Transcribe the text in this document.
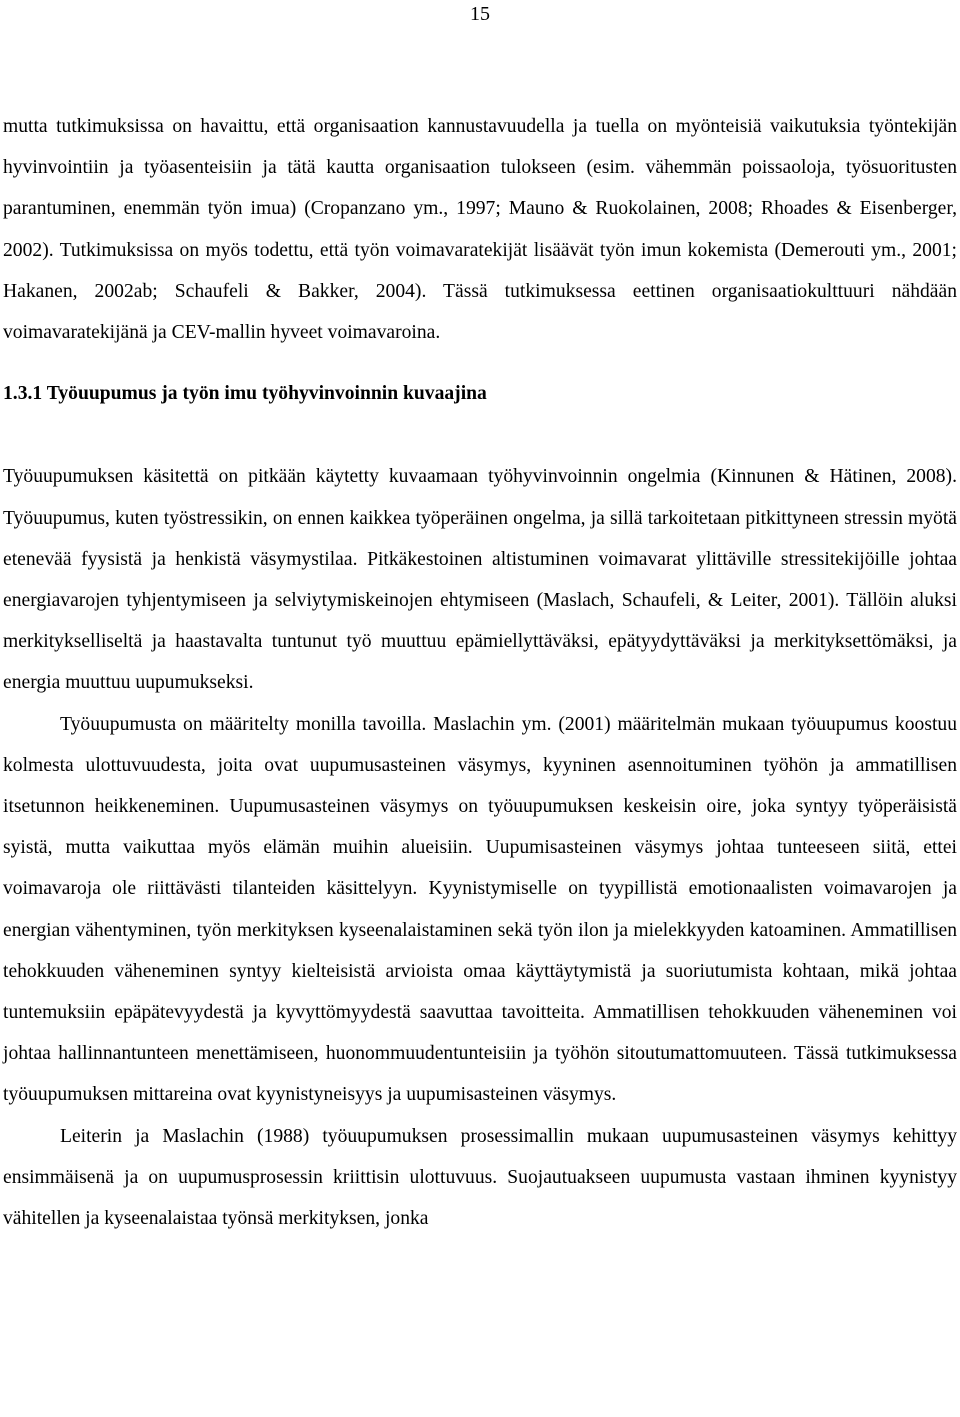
15

mutta tutkimuksissa on havaittu, että organisaation kannustavuudella ja tuella on myönteisiä vaikutuksia työntekijän hyvinvointiin ja työasenteisiin ja tätä kautta organisaation tulokseen (esim. vähemmän poissaoloja, työsuoritusten parantuminen, enemmän työn imua) (Cropanzano ym., 1997; Mauno & Ruokolainen, 2008; Rhoades & Eisenberger, 2002). Tutkimuksissa on myös todettu, että työn voimavaratekijät lisäävät työn imun kokemista (Demerouti ym., 2001; Hakanen, 2002ab; Schaufeli & Bakker, 2004). Tässä tutkimuksessa eettinen organisaatiokulttuuri nähdään voimavaratekijänä ja CEV-mallin hyveet voimavaroina.

1.3.1 Työuupumus ja työn imu työhyvinvoinnin kuvaajina

Työuupumuksen käsitettä on pitkään käytetty kuvaamaan työhyvinvoinnin ongelmia (Kinnunen & Hätinen, 2008). Työuupumus, kuten työstressikin, on ennen kaikkea työperäinen ongelma, ja sillä tarkoitetaan pitkittyneen stressin myötä etenevää fyysistä ja henkistä väsymystilaa. Pitkäkestoinen altistuminen voimavarat ylittäville stressitekijöille johtaa energiavarojen tyhjentymiseen ja selviytymiskeinojen ehtymiseen (Maslach, Schaufeli, & Leiter, 2001). Tällöin aluksi merkitykselliseltä ja haastavalta tuntunut työ muuttuu epämiellyttäväksi, epätyydyttäväksi ja merkityksettömäksi, ja energia muuttuu uupumukseksi.

Työuupumusta on määritelty monilla tavoilla. Maslachin ym. (2001) määritelmän mukaan työuupumus koostuu kolmesta ulottuvuudesta, joita ovat uupumusasteinen väsymys, kyyninen asennoituminen työhön ja ammatillisen itsetunnon heikkeneminen. Uupumusasteinen väsymys on työuupumuksen keskeisin oire, joka syntyy työperäisistä syistä, mutta vaikuttaa myös elämän muihin alueisiin. Uupumisasteinen väsymys johtaa tunteeseen siitä, ettei voimavaroja ole riittävästi tilanteiden käsittelyyn. Kyynistymiselle on tyypillistä emotionaalisten voimavarojen ja energian vähentyminen, työn merkityksen kyseenalaistaminen sekä työn ilon ja mielekkyyden katoaminen. Ammatillisen tehokkuuden väheneminen syntyy kielteisistä arvioista omaa käyttäytymistä ja suoriutumista kohtaan, mikä johtaa tuntemuksiin epäpätevyydestä ja kyvyttömyydestä saavuttaa tavoitteita. Ammatillisen tehokkuuden väheneminen voi johtaa hallinnantunteen menettämiseen, huonommuudentunteisiin ja työhön sitoutumattomuuteen. Tässä tutkimuksessa työuupumuksen mittareina ovat kyynistyneisyys ja uupumisasteinen väsymys.

Leiterin ja Maslachin (1988) työuupumuksen prosessimallin mukaan uupumusasteinen väsymys kehittyy ensimmäisenä ja on uupumusprosessin kriittisin ulottuvuus. Suojautuakseen uupumusta vastaan ihminen kyynistyy vähitellen ja kyseenalaistaa työnsä merkityksen, jonka
